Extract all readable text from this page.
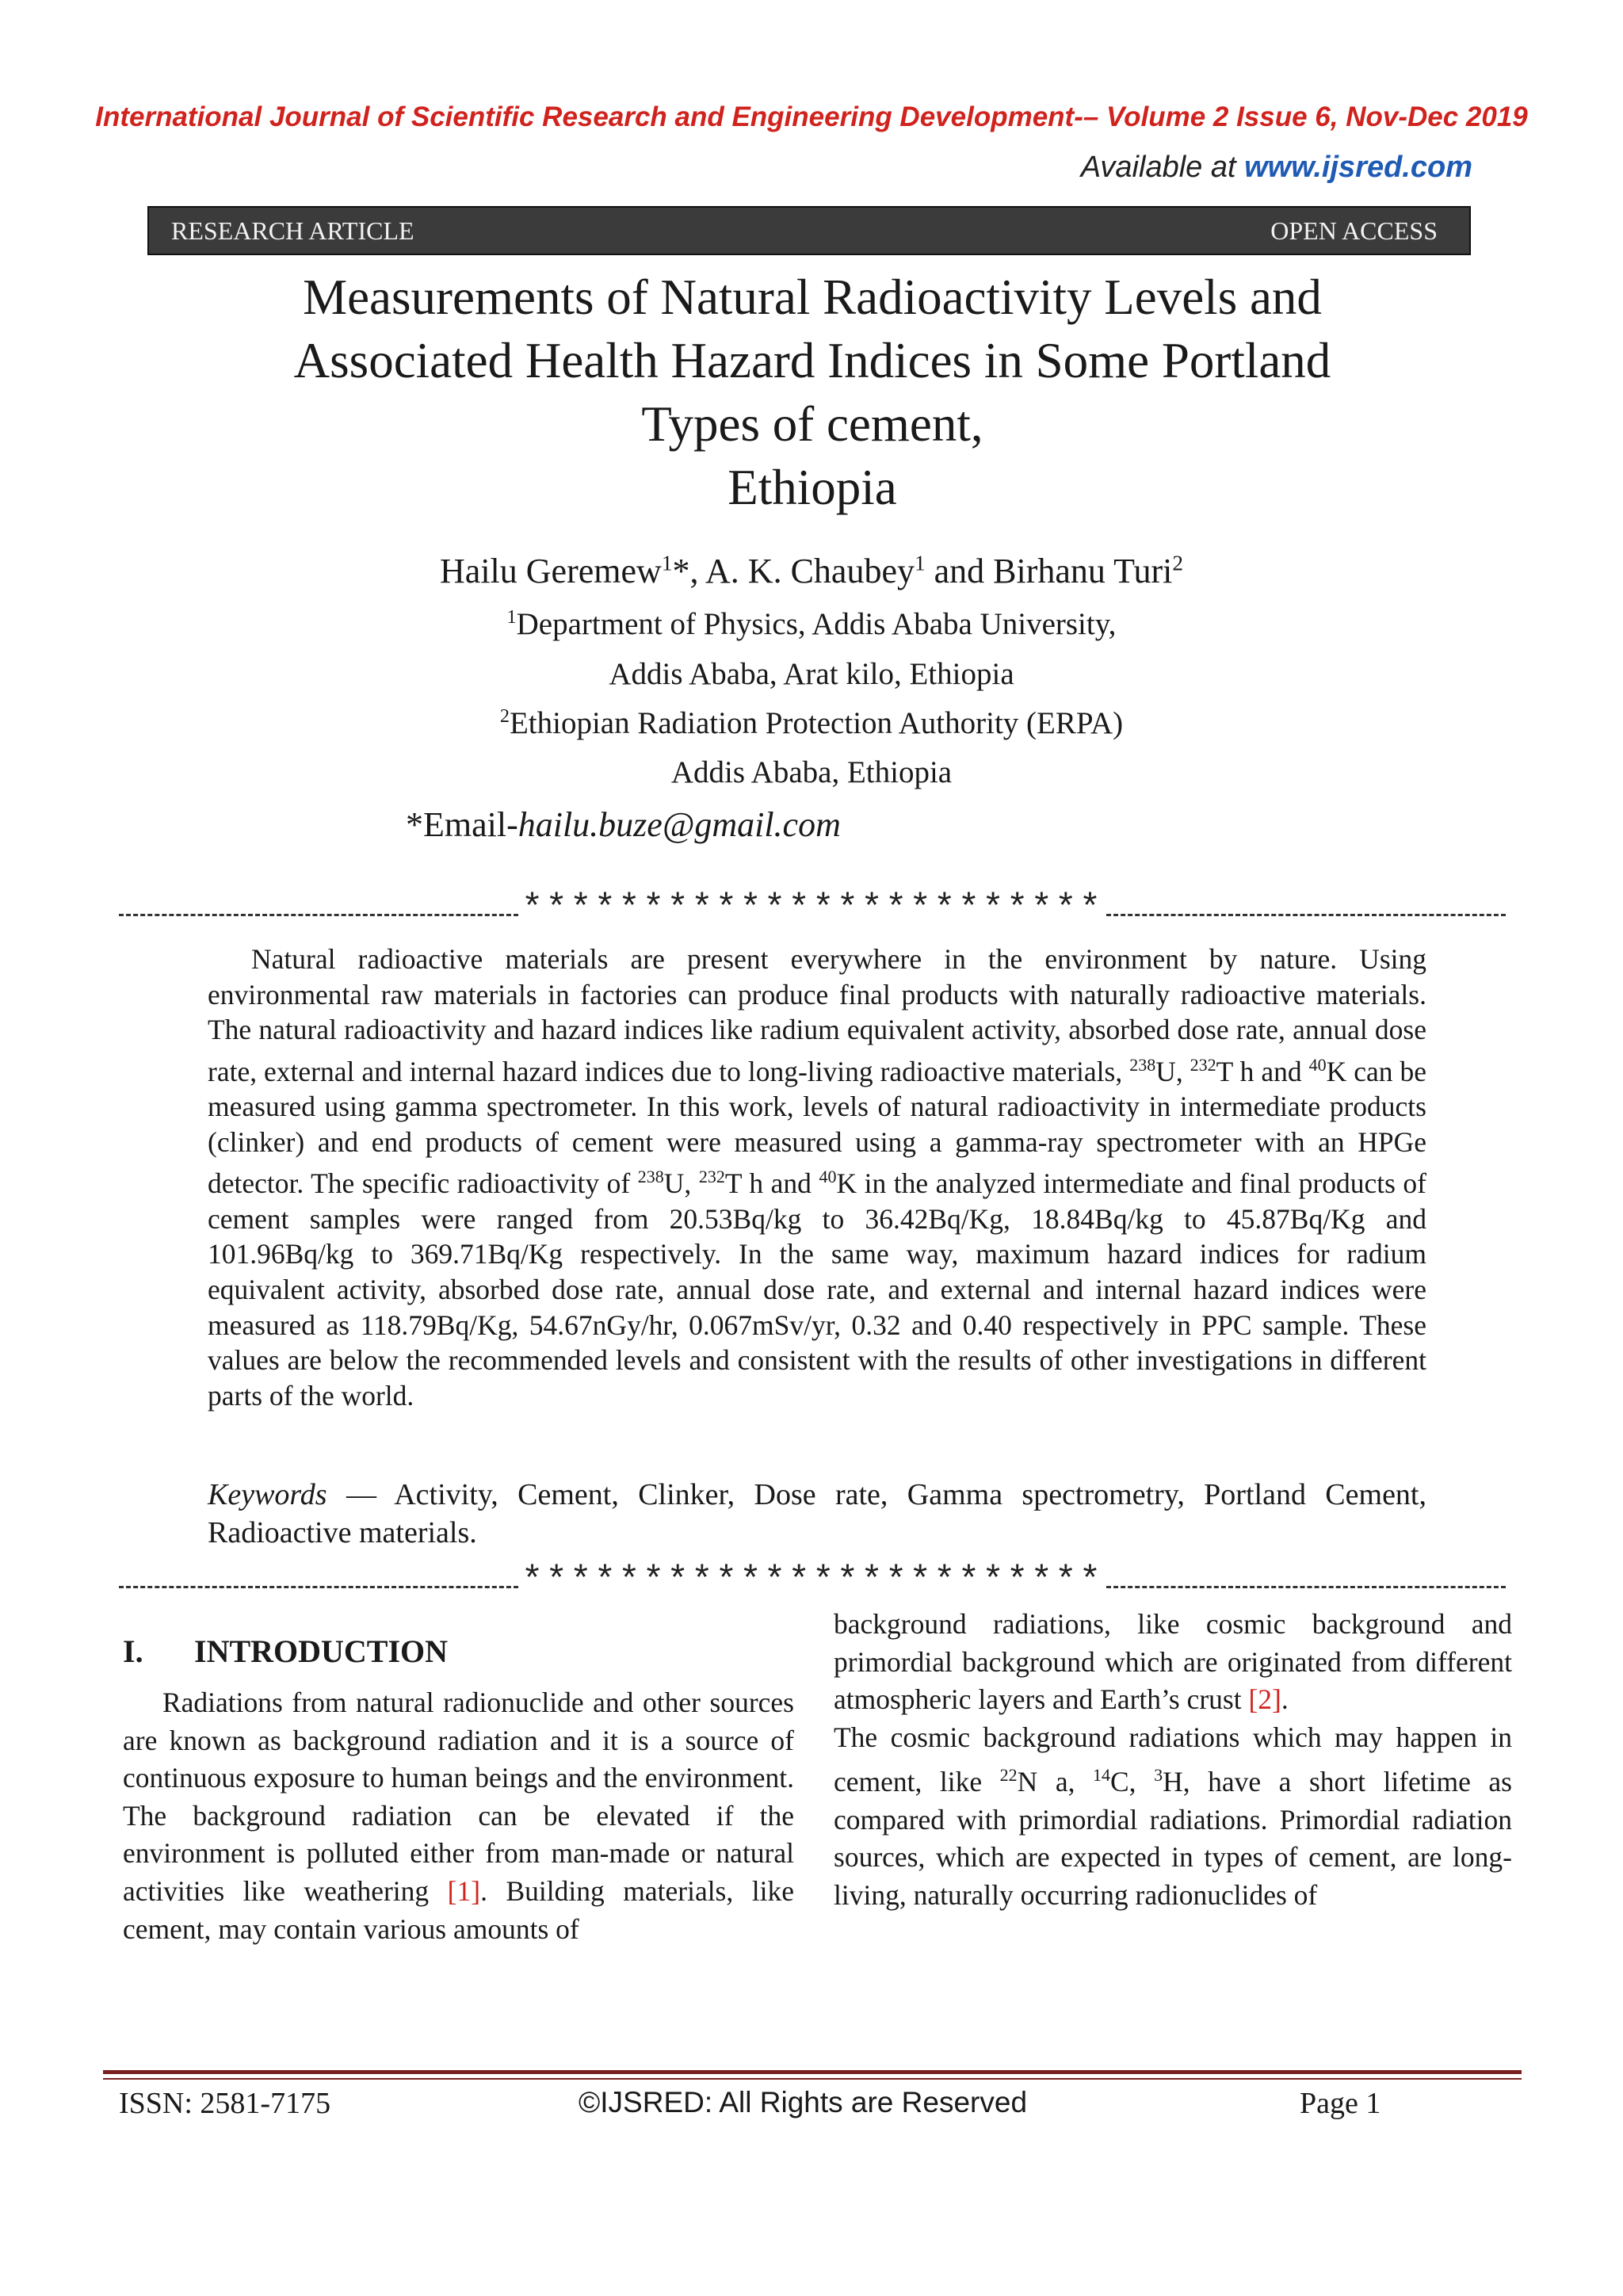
International Journal of Scientific Research and Engineering Development-– Volume 2 Issue 6, Nov-Dec 2019
Available at www.ijsred.com
RESEARCH ARTICLE	OPEN ACCESS
Measurements of Natural Radioactivity Levels and
Associated Health Hazard Indices in Some Portland
Types of cement,
Ethiopia
Hailu Geremew$^1$*, A. K. Chaubey$^1$ and Birhanu Turi$^2$
$^1$Department of Physics, Addis Ababa University,
Addis Ababa, Arat kilo, Ethiopia
$^2$Ethiopian Radiation Protection Authority (ERPA)
Addis Ababa, Ethiopia
*Email-hailu.buze@gmail.com
************************

Natural radioactive materials are present everywhere in the environment by nature. Using environmental raw materials in factories can produce final products with naturally radioactive materials. The natural radioactivity and hazard indices like radium equivalent activity, absorbed dose rate, annual dose rate, external and internal hazard indices due to long-living radioactive materials, $^{238}$U, $^{232}$T h and $^{40}$K can be measured using gamma spectrometer. In this work, levels of natural radioactivity in intermediate products (clinker) and end products of cement were measured using a gamma-ray spectrometer with an HPGe detector. The specific radioactivity of $^{238}$U, $^{232}$T h and $^{40}$K in the analyzed intermediate and final products of cement samples were ranged from 20.53Bq/kg to 36.42Bq/Kg, 18.84Bq/kg to 45.87Bq/Kg and 101.96Bq/kg to 369.71Bq/Kg respectively. In the same way, maximum hazard indices for radium equivalent activity, absorbed dose rate, annual dose rate, and external and internal hazard indices were measured as 118.79Bq/Kg, 54.67nGy/hr, 0.067mSv/yr, 0.32 and 0.40 respectively in PPC sample. These values are below the recommended levels and consistent with the results of other investigations in different parts of the world.

Keywords — Activity, Cement, Clinker, Dose rate, Gamma spectrometry, Portland Cement, Radioactive materials.
************************
I. INTRODUCTION

Radiations from natural radionuclide and other sources are known as background radiation and it is a source of continuous exposure to human beings and the environment. The background radiation can be elevated if the environment is polluted either from man-made or natural activities like weathering [1]. Building materials, like cement, may contain various amounts of

background radiations, like cosmic background and primordial background which are originated from different atmospheric layers and Earth’s crust [2].

The cosmic background radiations which may happen in cement, like $^{22}$N a, $^{14}$C, $^3$H, have a short lifetime as compared with primordial radiations. Primordial radiation sources, which are expected in types of cement, are long-living, naturally occurring radionuclides of

ISSN: 2581-7175	©IJSRED: All Rights are Reserved	Page 1
